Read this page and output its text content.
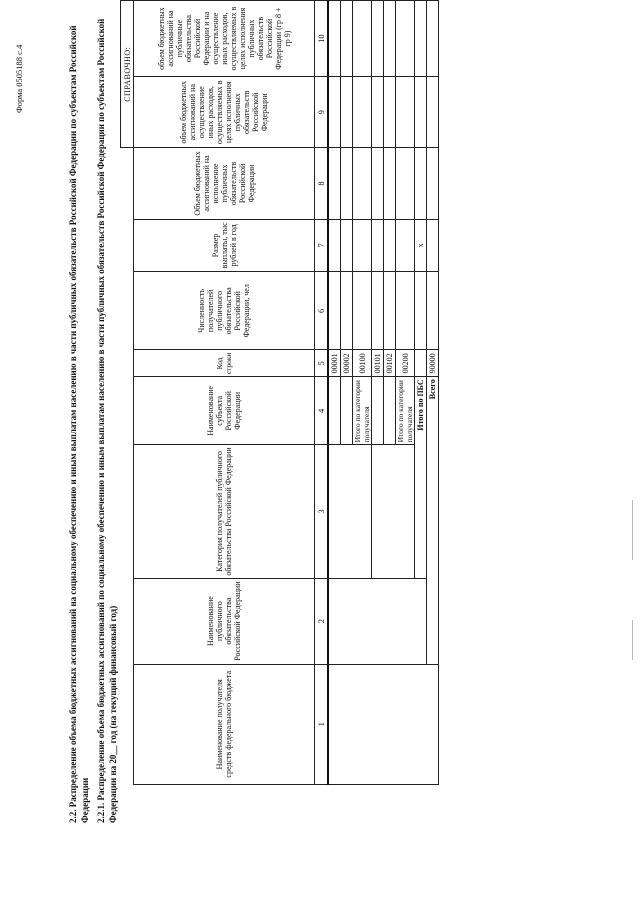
Форма 0505188 с.4	2.2. Распределение объема бюджетных ассигнований на социальному обеспечению и иным выплатам населению в части публичных обязательств Российской Федерации по субъектам Российской Федерации 2.2.1. Распределение объема бюджетных ассигнований по социальному обеспечению и иным выплатам населению в части публичных обязательств Российской Федерации по субъектам Российской Федерации на 20__ год (на текущий финансовый год)
								СПРАВОЧНО:	
Наименование получателя средств федерального бюджета	Наименование публичного обязательства Российской Федерации	Категория получателей публичного обязательства Российской Федерации	Наименование субъекта Российской Федерации	Код строки	Численность получателей публичного обязательства Российской Федерации, чел	Размер выплаты, тыс рублей в год	Объем бюджетных ассигнований на исполнение публичных обязательств Российской Федерации	объем бюджетных ассигнований на осуществление иных расходов, осуществляемых в целях исполнения публичных обязательств Российской Федерации	объем бюджетных ассигнований на публичные обязательства Российской Федерации и на осуществление иных расходов, осуществляемых в целях исполнения публичных обязательств Российской Федерации (гр 8 + гр 9)
1	2	3	4	5	6	7	8	9	10
				00001					
				00002					
			Итого по категории получателя	00100					
				00101					
				00102					
			Итого по категории получателя	00200					
		Итого по ПБС				x			
	Всего			90000					
